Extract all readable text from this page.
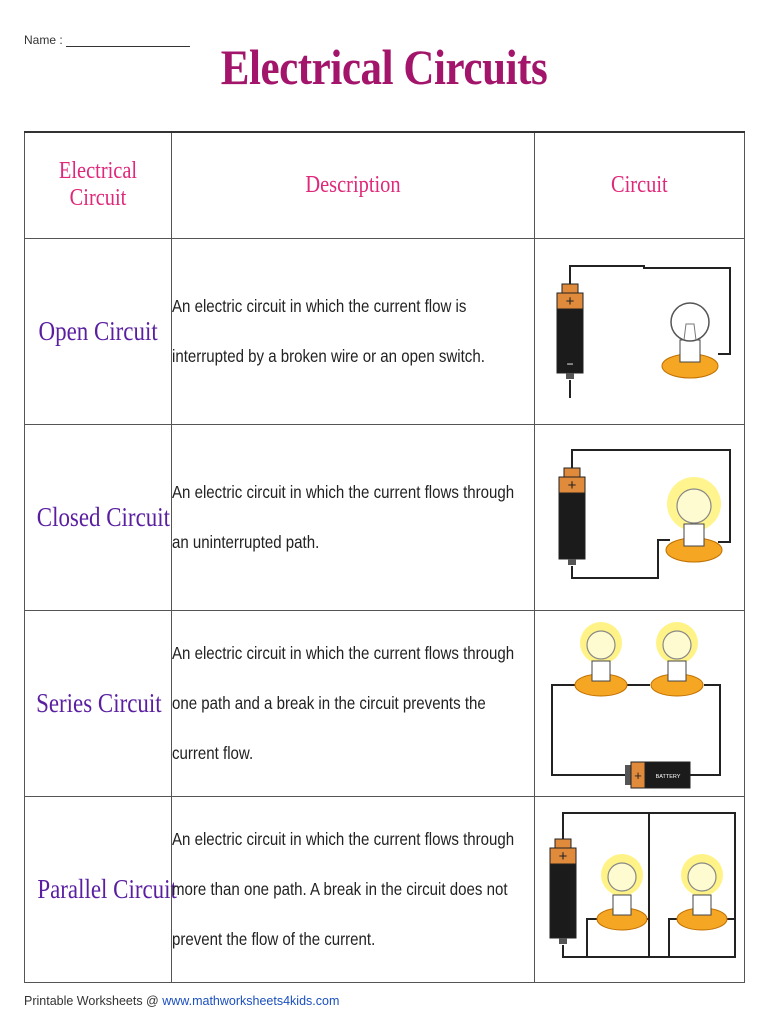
Name :	Electrical Circuits
Electrical Circuit	Description	Circuit
Open Circuit	An electric circuit in which the current flow is interrupted by a broken wire or an open switch.	+
−

Closed Circuit	An electric circuit in which the current flows through an uninterrupted path.	+

Series Circuit	An electric circuit in which the current flows through one path and a break in the circuit prevents the current flow.	+ BATTERY

Parallel Circuit	An electric circuit in which the current flows through more than one path. A break in the circuit does not prevent the flow of the current.	+
Printable Worksheets @ www.mathworksheets4kids.com
